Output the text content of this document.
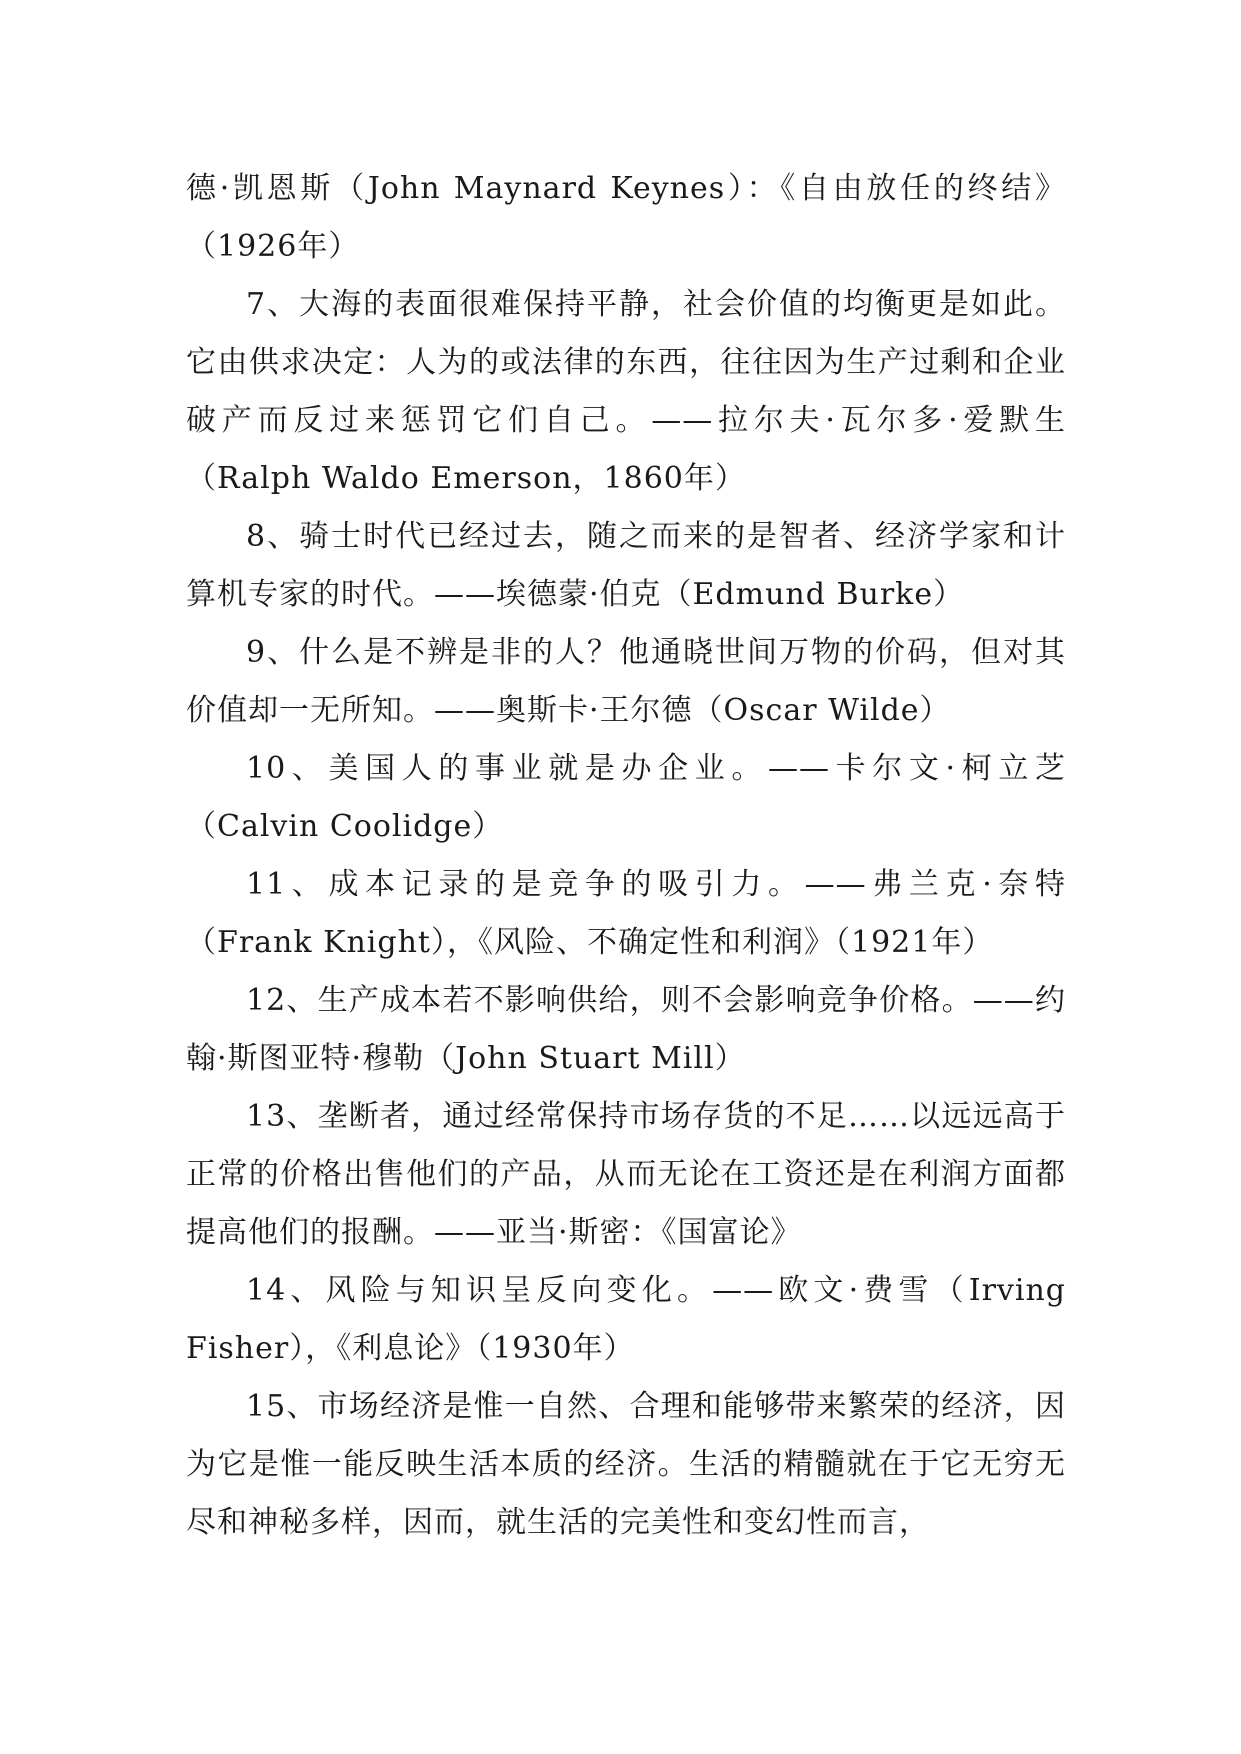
德·凯恩斯（John Maynard Keynes）：《自由放任的终结》（1926年）

7、大海的表面很难保持平静，社会价值的均衡更是如此。它由供求决定：人为的或法律的东西，往往因为生产过剩和企业破产而反过来惩罚它们自己。——拉尔夫·瓦尔多·爱默生（Ralph Waldo Emerson，1860年）

8、骑士时代已经过去，随之而来的是智者、经济学家和计算机专家的时代。——埃德蒙·伯克（Edmund Burke）

9、什么是不辨是非的人？他通晓世间万物的价码，但对其价值却一无所知。——奥斯卡·王尔德（Oscar Wilde）

10、美国人的事业就是办企业。——卡尔文·柯立芝（Calvin Coolidge）

11、成本记录的是竞争的吸引力。——弗兰克·奈特（Frank Knight），《风险、不确定性和利润》（1921年）

12、生产成本若不影响供给，则不会影响竞争价格。——约翰·斯图亚特·穆勒（John Stuart Mill）

13、垄断者，通过经常保持市场存货的不足……以远远高于正常的价格出售他们的产品，从而无论在工资还是在利润方面都提高他们的报酬。——亚当·斯密：《国富论》

14、风险与知识呈反向变化。——欧文·费雪（Irving Fisher），《利息论》（1930年）

15、市场经济是惟一自然、合理和能够带来繁荣的经济，因为它是惟一能反映生活本质的经济。生活的精髓就在于它无穷无尽和神秘多样，因而，就生活的完美性和变幻性而言，
